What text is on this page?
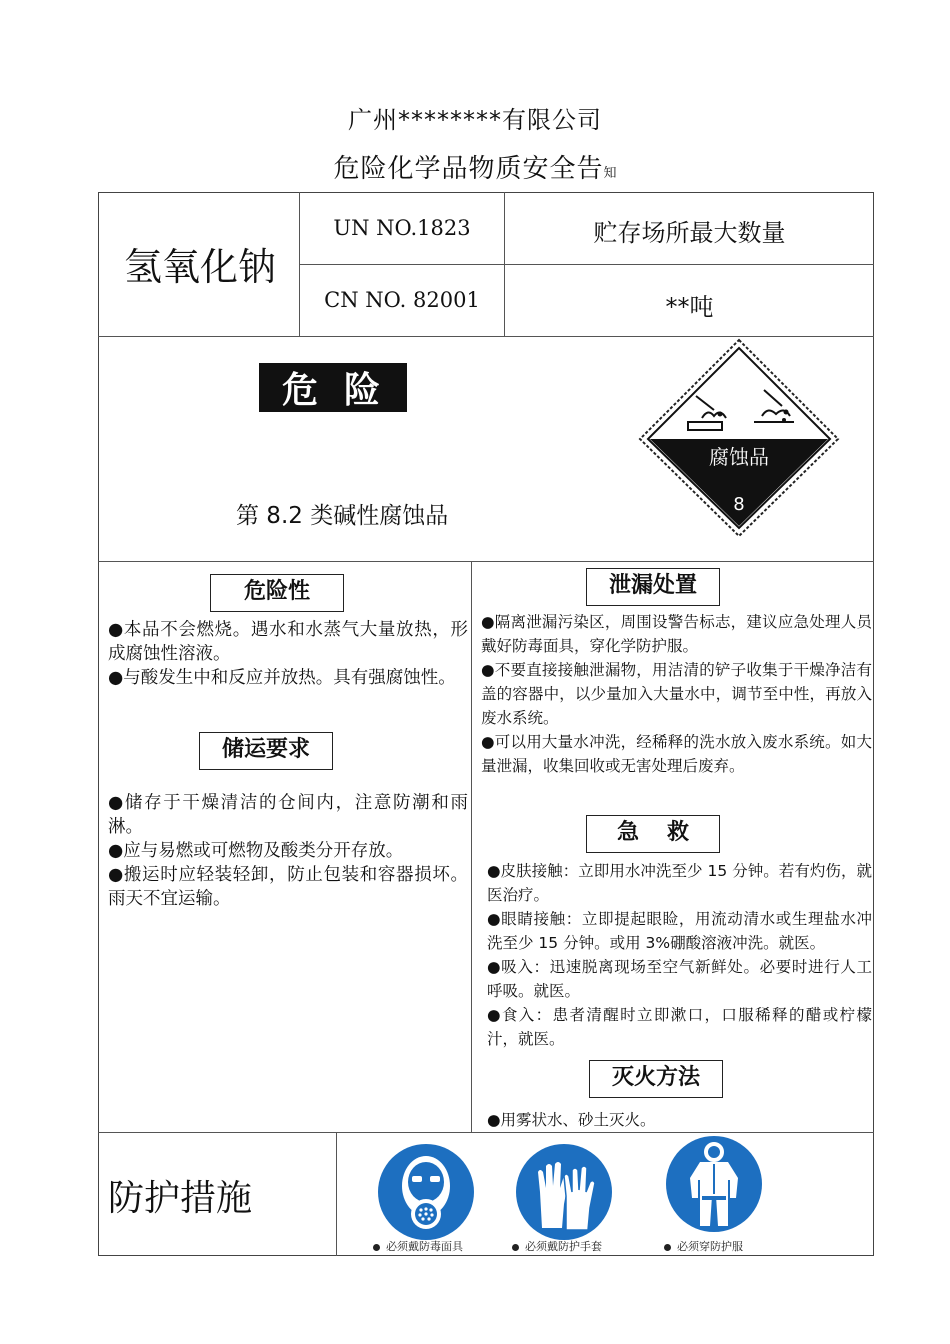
广州********有限公司
危险化学品物质安全告知
氢氧化钠
UN NO.1823
CN NO. 82001
贮存场所最大数量
**吨
危险
第 8.2 类碱性腐蚀品
腐蚀品
8
危险性
●本品不会燃烧。遇水和水蒸气大量放热，形成腐蚀性溶液。
●与酸发生中和反应并放热。具有强腐蚀性。
储运要求
●储存于干燥清洁的仓间内，注意防潮和雨淋。
●应与易燃或可燃物及酸类分开存放。
●搬运时应轻装轻卸，防止包装和容器损坏。雨天不宜运输。
泄漏处置
●隔离泄漏污染区，周围设警告标志，建议应急处理人员戴好防毒面具，穿化学防护服。
●不要直接接触泄漏物，用洁清的铲子收集于干燥净洁有盖的容器中，以少量加入大量水中，调节至中性，再放入废水系统。
●可以用大量水冲洗，经稀释的洗水放入废水系统。如大量泄漏，收集回收或无害处理后废弃。
急救
●皮肤接触：立即用水冲洗至少 15 分钟。若有灼伤，就医治疗。
●眼睛接触：立即提起眼睑，用流动清水或生理盐水冲洗至少 15 分钟。或用 3%硼酸溶液冲洗。就医。
●吸入：迅速脱离现场至空气新鲜处。必要时进行人工呼吸。就医。
●食入：患者清醒时立即漱口，口服稀释的醋或柠檬汁，就医。
灭火方法
●用雾状水、砂土灭火。
防护措施
必须戴防毒面具	必须戴防护手套	必须穿防护服
